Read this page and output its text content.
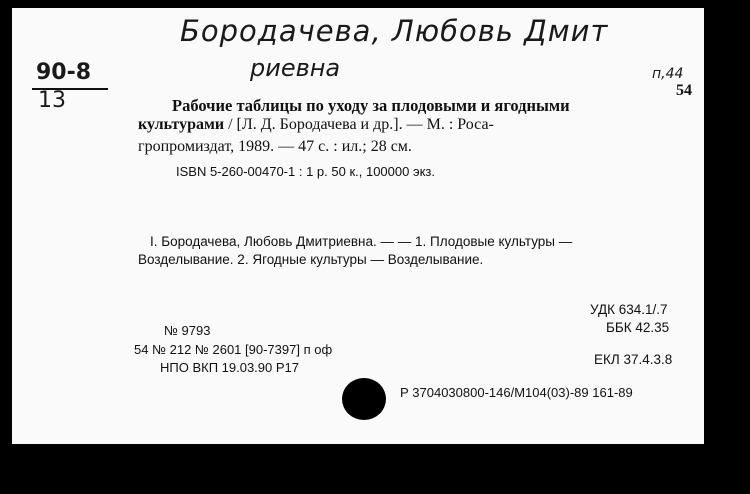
Бородачева, Любовь Дмит
риевна	п,44
90-8
13	54
Рабочие таблицы по уходу за плодовыми и ягодными
культурами / [Л. Д. Бородачева и др.]. — М. : Роса-
гропромиздат, 1989. — 47 с. : ил.; 28 см.
ISBN 5-260-00470-1 : 1 р. 50 к., 100000 экз.
I. Бородачева, Любовь Дмитриевна. — — 1. Плодовые культуры —
Возделывание. 2. Ягодные культуры — Возделывание.
УДК 634.1/.7
ББК 42.35
ЕКЛ 37.4.3.8
№ 9793
54 № 212 № 2601 [90-7397] п оф
НПО ВКП 19.03.90 Р17
Р 3704030800-146/М104(03)-89 161-89
